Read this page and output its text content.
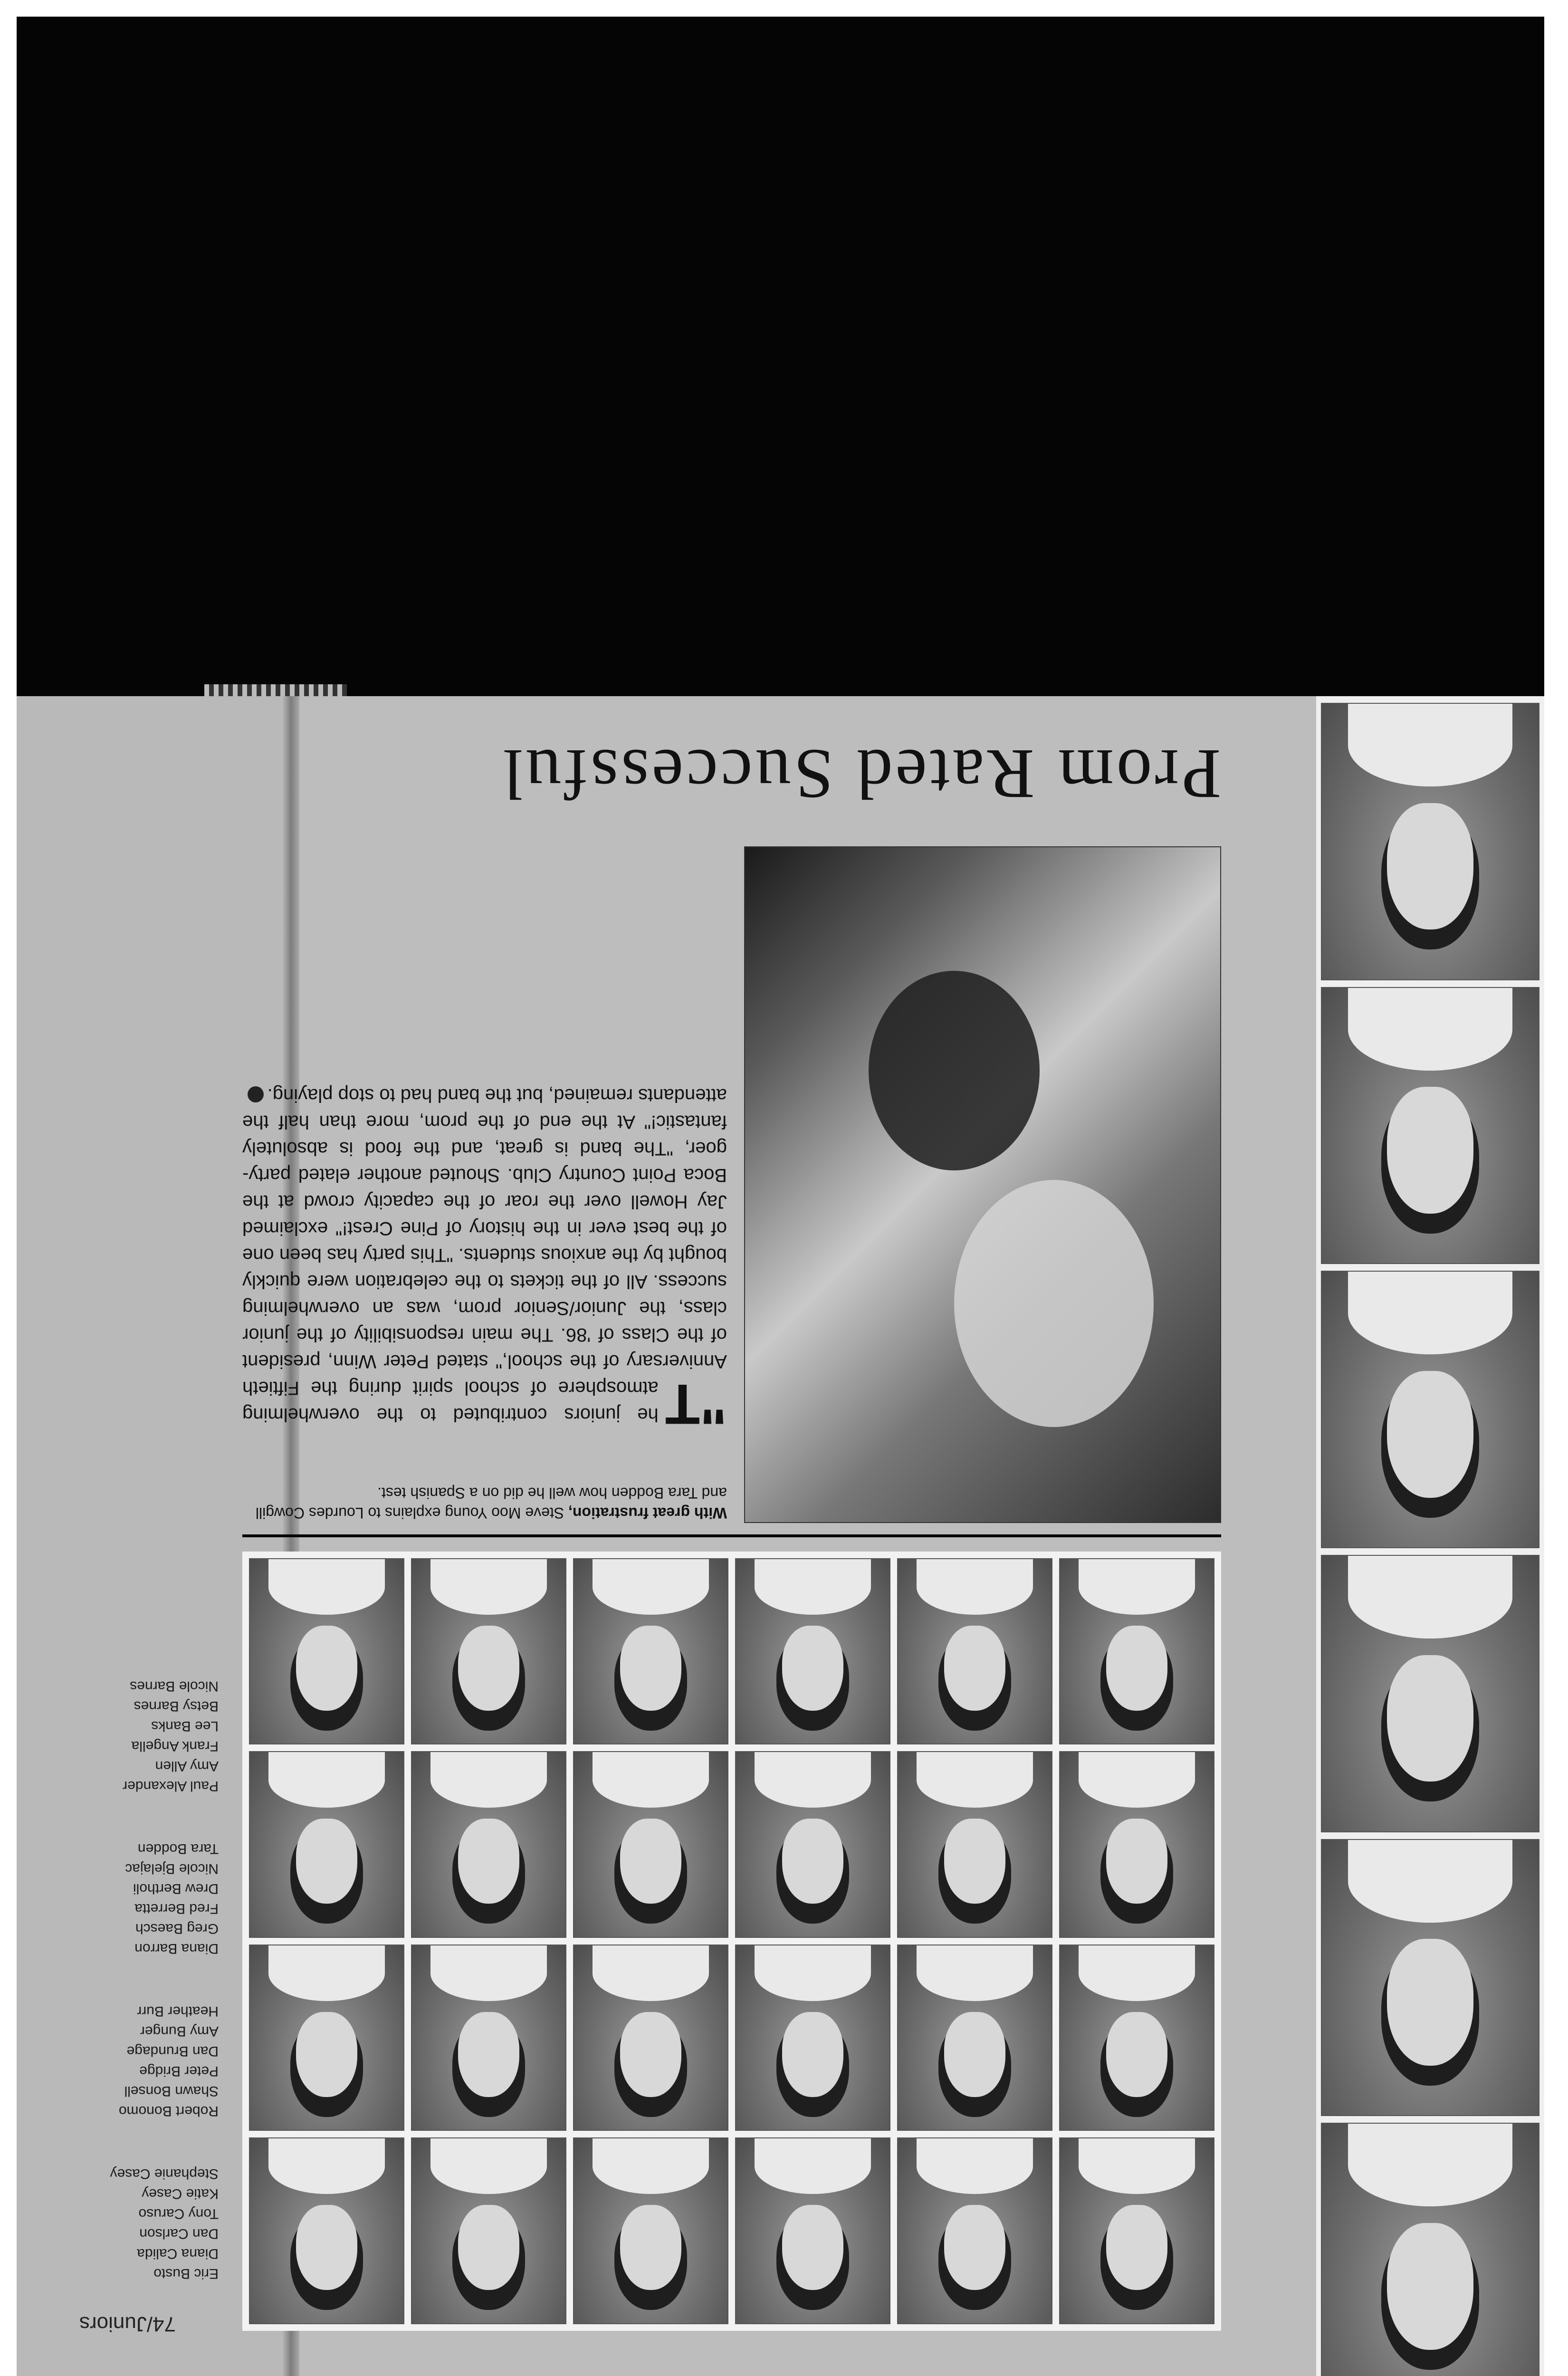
74/Juniors
Eric Busto
Diana Calida
Dan Carlson
Tony Caruso
Katie Casey
Stephanie Casey
Robert Bonomo
Shawn Bonsell
Peter Bridge
Dan Brundage
Amy Bunger
Heather Burr
Diana Barron
Greg Baesch
Fred Berretta
Drew Bertholi
Nicole Bjelajac
Tara Bodden
Paul Alexander
Amy Allen
Frank Angella
Lee Banks
Betsy Barnes
Nicole Barnes
With great frustration, Steve Moo Young explains to Lourdes Cowgill and Tara Bodden how well he did on a Spanish test.
"T
he juniors contributed to the overwhelming atmosphere of school spirit during the Fiftieth Anniversary of the school," stated Peter Winn, president of the Class of '86. The main responsibility of the junior class, the Junior/Senior prom, was an overwhelming success. All of the tickets to the celebration were quickly bought by the anxious students. "This party has been one of the best ever in the history of Pine Crest!" exclaimed Jay Howell over the roar of the capacity crowd at the Boca Point Country Club. Shouted another elated party-goer, "The band is great, and the food is absolutely fantastic!" At the end of the prom, more than half the attendants remained, but the band had to stop playing.
Prom Rated Successful
